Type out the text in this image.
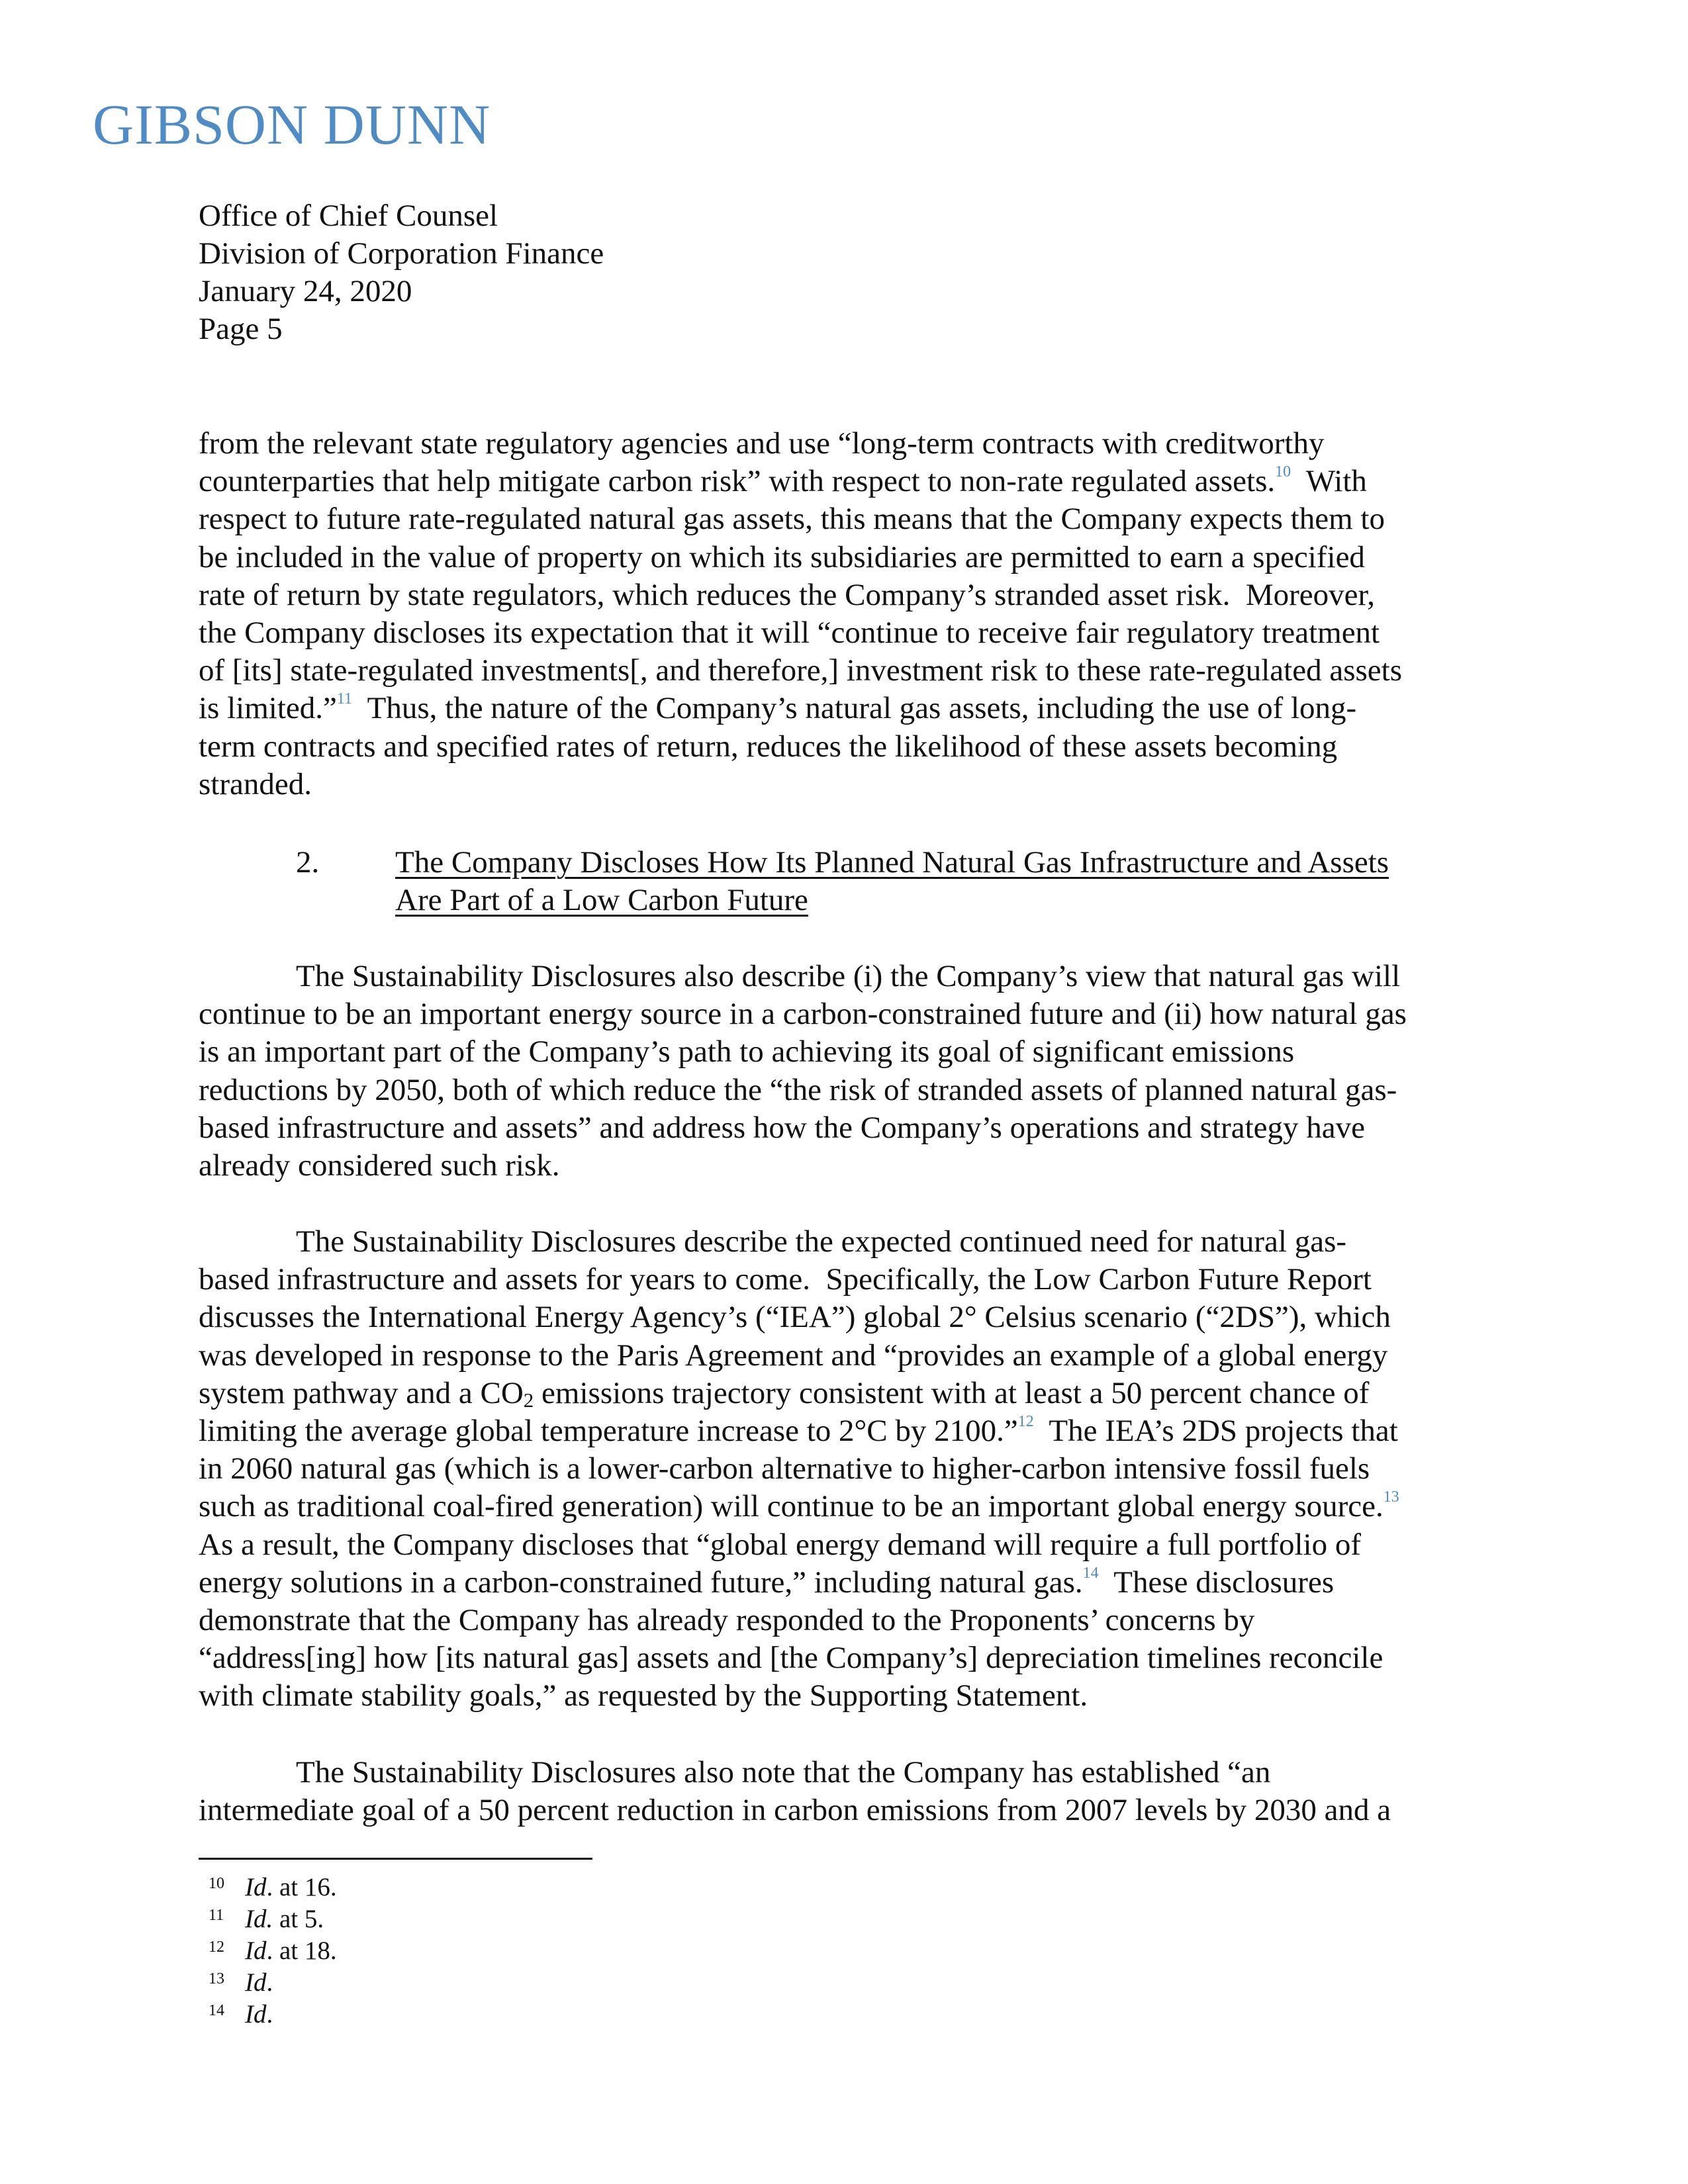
GIBSON DUNN
Office of Chief Counsel
Division of Corporation Finance
January 24, 2020
Page 5
from the relevant state regulatory agencies and use “long-term contracts with creditworthy
counterparties that help mitigate carbon risk” with respect to non-rate regulated assets.$^{10}$  With
respect to future rate-regulated natural gas assets, this means that the Company expects them to
be included in the value of property on which its subsidiaries are permitted to earn a specified
rate of return by state regulators, which reduces the Company’s stranded asset risk.  Moreover,
the Company discloses its expectation that it will “continue to receive fair regulatory treatment
of [its] state-regulated investments[, and therefore,] investment risk to these rate-regulated assets
is limited.”$^{11}$  Thus, the nature of the Company’s natural gas assets, including the use of long-
term contracts and specified rates of return, reduces the likelihood of these assets becoming
stranded.
2. The Company Discloses How Its Planned Natural Gas Infrastructure and Assets
Are Part of a Low Carbon Future
The Sustainability Disclosures also describe (i) the Company’s view that natural gas will
continue to be an important energy source in a carbon-constrained future and (ii) how natural gas
is an important part of the Company’s path to achieving its goal of significant emissions
reductions by 2050, both of which reduce the “the risk of stranded assets of planned natural gas-
based infrastructure and assets” and address how the Company’s operations and strategy have
already considered such risk.
The Sustainability Disclosures describe the expected continued need for natural gas-
based infrastructure and assets for years to come.  Specifically, the Low Carbon Future Report
discusses the International Energy Agency’s (“IEA”) global 2° Celsius scenario (“2DS”), which
was developed in response to the Paris Agreement and “provides an example of a global energy
system pathway and a CO2 emissions trajectory consistent with at least a 50 percent chance of
limiting the average global temperature increase to 2°C by 2100.”$^{12}$  The IEA’s 2DS projects that
in 2060 natural gas (which is a lower-carbon alternative to higher-carbon intensive fossil fuels
such as traditional coal-fired generation) will continue to be an important global energy source.$^{13}$
As a result, the Company discloses that “global energy demand will require a full portfolio of
energy solutions in a carbon-constrained future,” including natural gas.$^{14}$  These disclosures
demonstrate that the Company has already responded to the Proponents’ concerns by
“address[ing] how [its natural gas] assets and [the Company’s] depreciation timelines reconcile
with climate stability goals,” as requested by the Supporting Statement.
The Sustainability Disclosures also note that the Company has established “an
intermediate goal of a 50 percent reduction in carbon emissions from 2007 levels by 2030 and a
10 Id. at 16.
11 Id. at 5.
12 Id. at 18.
13 Id.
14 Id.
